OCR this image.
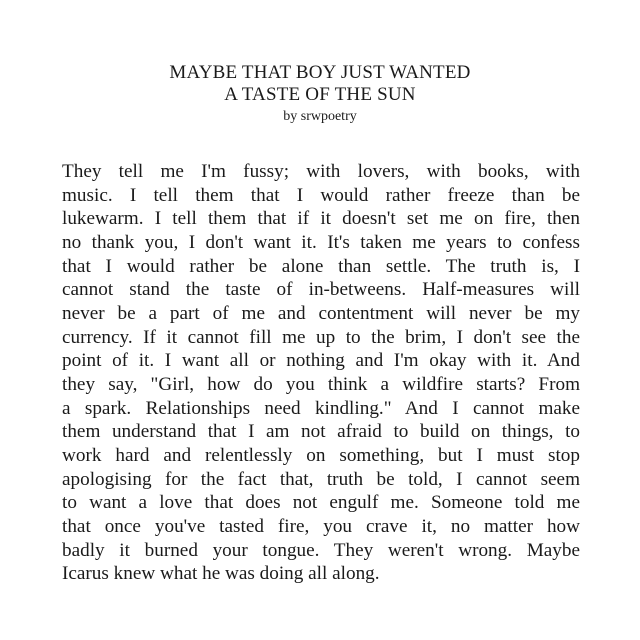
MAYBE THAT BOY JUST WANTED
A TASTE OF THE SUN
by srwpoetry
They tell me I'm fussy; with lovers, with books, with
music. I tell them that I would rather freeze than be
lukewarm. I tell them that if it doesn't set me on fire, then
no thank you, I don't want it. It's taken me years to confess
that I would rather be alone than settle. The truth is, I
cannot stand the taste of in-betweens. Half-measures will
never be a part of me and contentment will never be my
currency. If it cannot fill me up to the brim, I don't see the
point of it. I want all or nothing and I'm okay with it. And
they say, "Girl, how do you think a wildfire starts? From
a spark. Relationships need kindling." And I cannot make
them understand that I am not afraid to build on things, to
work hard and relentlessly on something, but I must stop
apologising for the fact that, truth be told, I cannot seem
to want a love that does not engulf me. Someone told me
that once you've tasted fire, you crave it, no matter how
badly it burned your tongue. They weren't wrong. Maybe
Icarus knew what he was doing all along.
